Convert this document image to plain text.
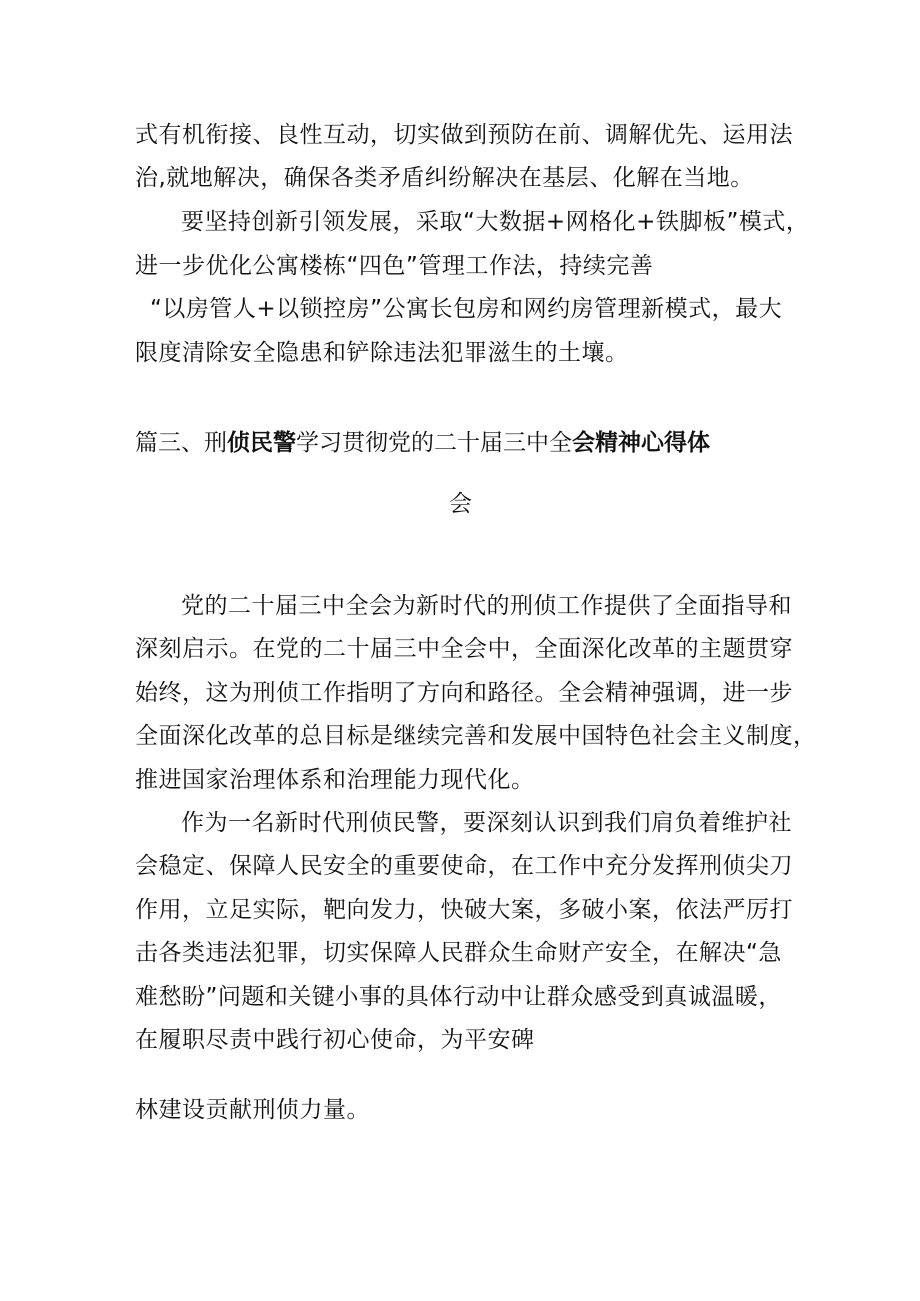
式有机衔接、良性互动，切实做到预防在前、调解优先、运用法
治,就地解决，确保各类矛盾纠纷解决在基层、化解在当地。
要坚持创新引领发展，采取“大数据+网格化+铁脚板”模式，
进一步优化公寓楼栋“四色”管理工作法，持续完善
“以房管人+以锁控房”公寓长包房和网约房管理新模式，最大
限度清除安全隐患和铲除违法犯罪滋生的土壤。
篇三、刑侦民警学习贯彻党的二十届三中全会精神心得体
会
党的二十届三中全会为新时代的刑侦工作提供了全面指导和
深刻启示。在党的二十届三中全会中，全面深化改革的主题贯穿
始终，这为刑侦工作指明了方向和路径。全会精神强调，进一步
全面深化改革的总目标是继续完善和发展中国特色社会主义制度，
推进国家治理体系和治理能力现代化。
作为一名新时代刑侦民警，要深刻认识到我们肩负着维护社
会稳定、保障人民安全的重要使命，在工作中充分发挥刑侦尖刀
作用，立足实际，靶向发力，快破大案，多破小案，依法严厉打
击各类违法犯罪，切实保障人民群众生命财产安全，在解决“急
难愁盼”问题和关键小事的具体行动中让群众感受到真诚温暖，
在履职尽责中践行初心使命，为平安碑
林建设贡献刑侦力量。
